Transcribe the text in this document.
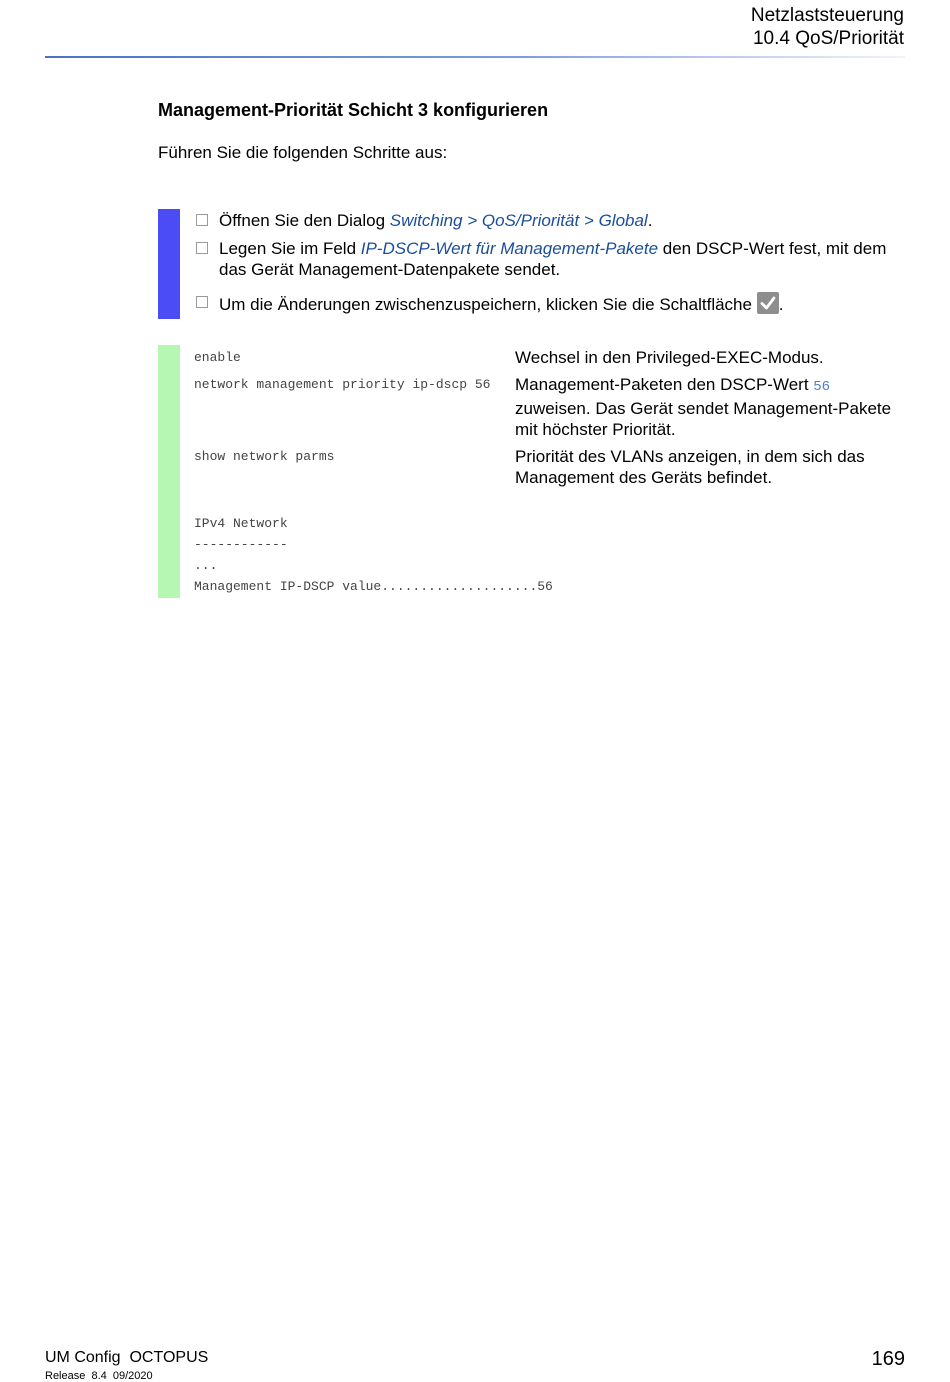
Netzlaststeuerung
10.4 QoS/Priorität
Management-Priorität Schicht 3 konfigurieren

Führen Sie die folgenden Schritte aus:

Öffnen Sie den Dialog Switching > QoS/Priorität > Global.
Legen Sie im Feld IP-DSCP-Wert für Management-Pakete den DSCP-Wert fest, mit dem das Gerät Management-Datenpakete sendet.
Um die Änderungen zwischenzuspeichern, klicken Sie die Schaltfläche .
enable	Wechsel in den Privileged-EXEC-Modus.
network management priority ip-dscp 56 Management-Paketen den DSCP-Wert 56 zuweisen. Das Gerät sendet Management-Pakete mit höchster Priorität.
show network parms	Priorität des VLANs anzeigen, in dem sich das Management des Geräts befindet.
IPv4 Network
------------
...
Management IP-DSCP value....................56
UM Config  OCTOPUS
Release  8.4  09/2020
169
